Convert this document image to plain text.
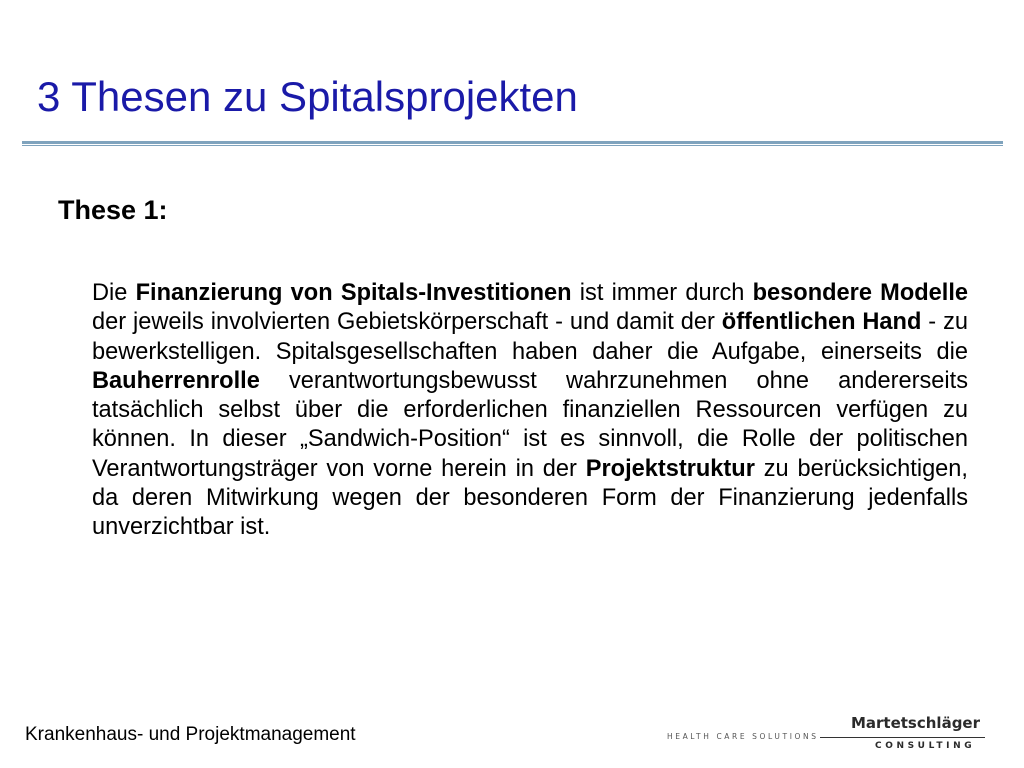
3 Thesen zu Spitalsprojekten
These 1:

Die Finanzierung von Spitals-Investitionen ist immer durch besondere Modelle der jeweils involvierten Gebietskörperschaft - und damit der öffentlichen Hand - zu bewerkstelligen. Spitalsgesellschaften haben daher die Aufgabe, einerseits die Bauherrenrolle verantwortungsbewusst wahrzunehmen ohne andererseits tatsächlich selbst über die erforderlichen finanziellen Ressourcen verfügen zu können. In dieser „Sandwich-Position“ ist es sinnvoll, die Rolle der politischen Verantwortungsträger von vorne herein in der Projektstruktur zu berücksichtigen, da deren Mitwirkung wegen der besonderen Form der Finanzierung jedenfalls unverzichtbar ist.

Krankenhaus- und Projektmanagement	HEALTH CARE SOLUTIONS
Martetschläger
CONSULTING
